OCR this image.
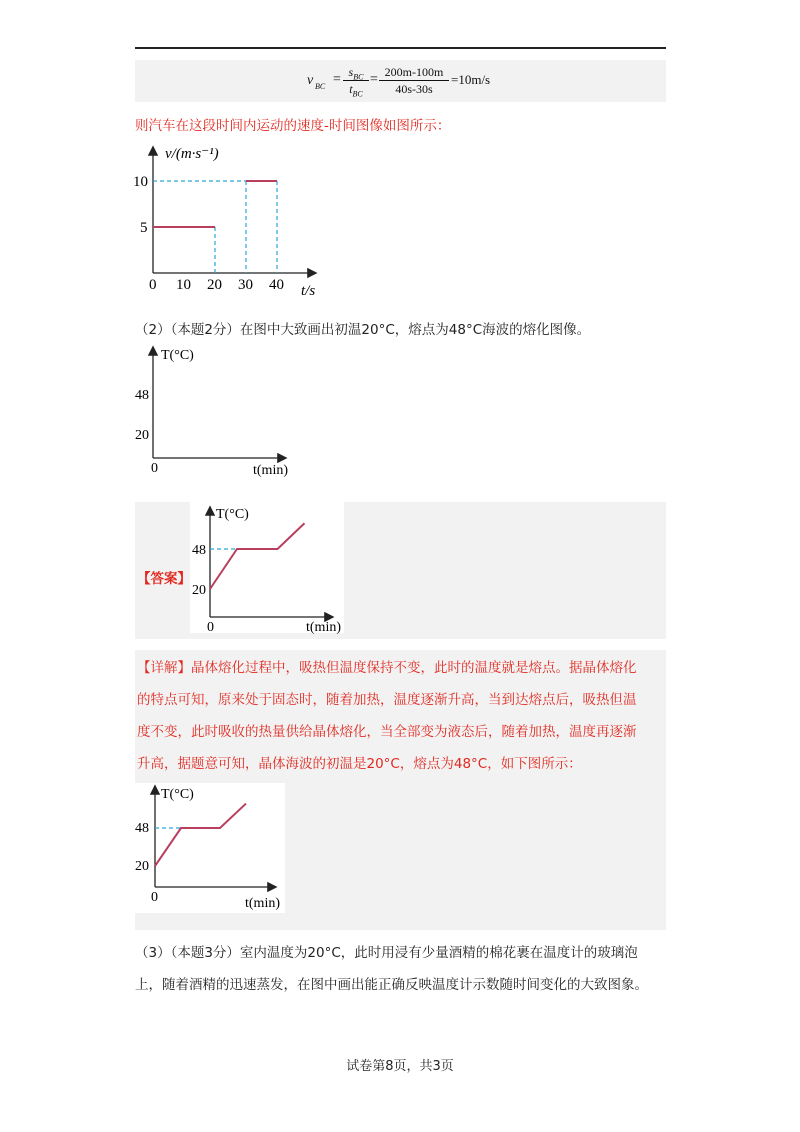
v BC = $s_{BC}$
$t_{BC}$
= $\frac{200m-100m}{40s-30s} =10m/s$
则汽车在这段时间内运动的速度-时间图像如图所示：
v/(m·s⁻¹)
t/s
0 10 20 30 40
10
5
（2）（本题2分）在图中大致画出初温20°C，熔点为48°C海波的熔化图像。
T(°C)
t(min)
48
20
0
【答案】
T(°C)
t(min)
48
20
0
【详解】晶体熔化过程中，吸热但温度保持不变，此时的温度就是熔点。据晶体熔化
的特点可知，原来处于固态时，随着加热，温度逐渐升高，当到达熔点后，吸热但温
度不变，此时吸收的热量供给晶体熔化，当全部变为液态后，随着加热，温度再逐渐
升高，据题意可知，晶体海波的初温是20°C，熔点为48°C，如下图所示：
T(°C)
t(min)
48
20
0
（3）（本题3分）室内温度为20°C，此时用浸有少量酒精的棉花裹在温度计的玻璃泡
上，随着酒精的迅速蒸发，在图中画出能正确反映温度计示数随时间变化的大致图象。
试卷第8页，共3页
